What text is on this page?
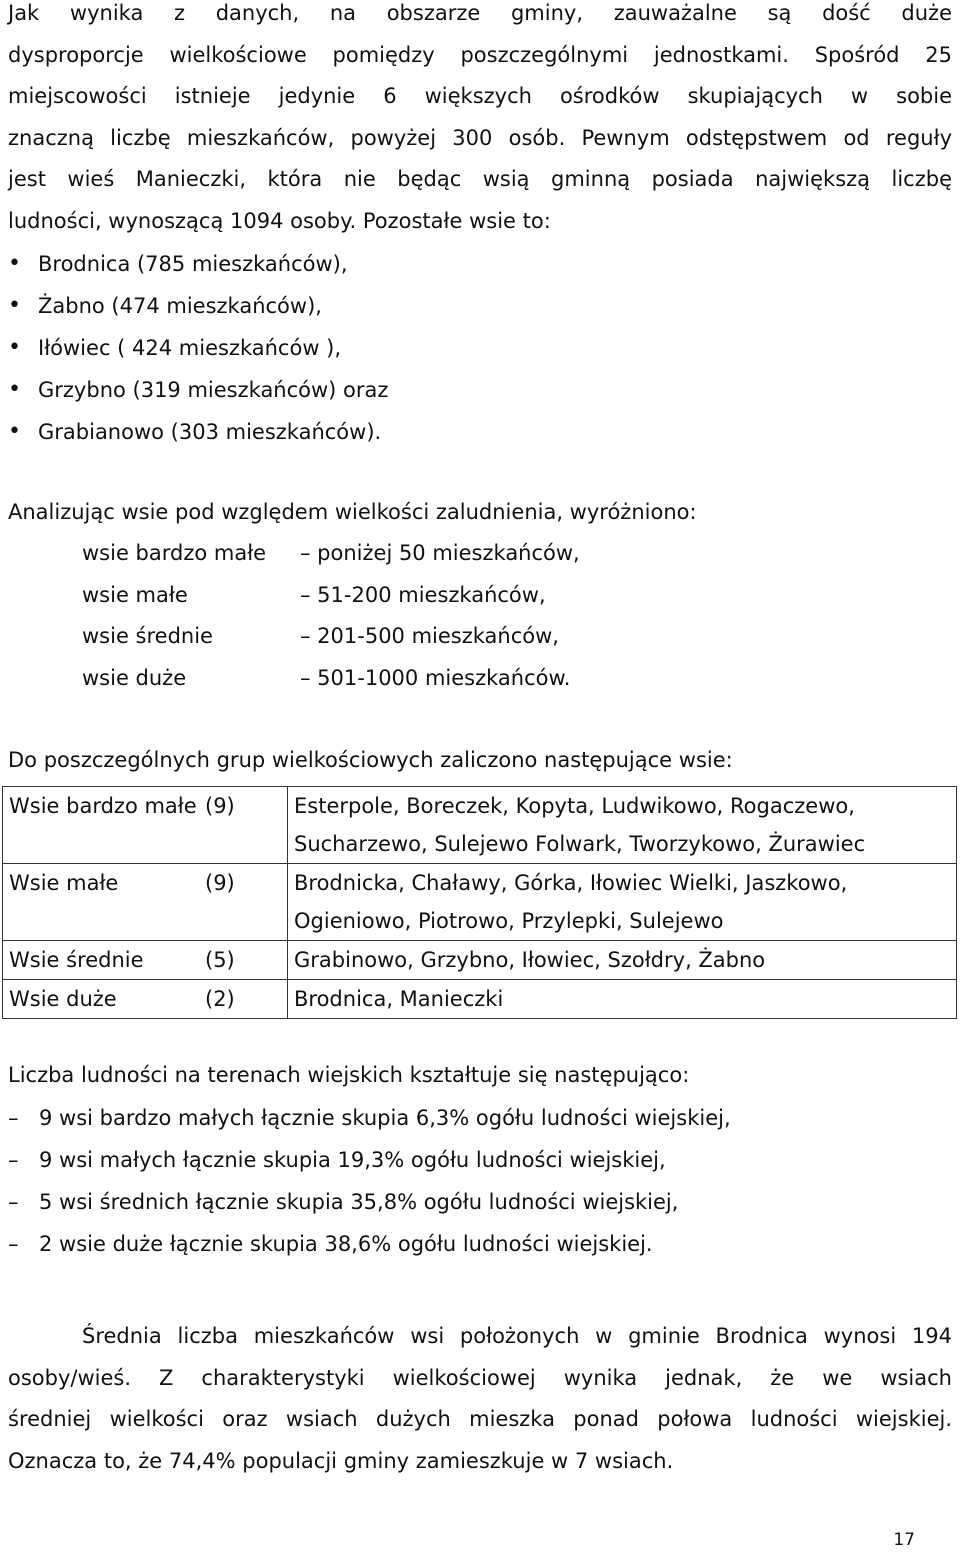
Jak wynika z danych, na obszarze gminy, zauważalne są dość duże
dysproporcje wielkościowe pomiędzy poszczególnymi jednostkami. Spośród 25
miejscowości istnieje jedynie 6 większych ośrodków skupiających w sobie
znaczną liczbę mieszkańców, powyżej 300 osób. Pewnym odstępstwem od reguły
jest wieś Manieczki, która nie będąc wsią gminną posiada największą liczbę
ludności, wynoszącą 1094 osoby. Pozostałe wsie to:

• Brodnica (785 mieszkańców),
• Żabno (474 mieszkańców),
• Iłówiec ( 424 mieszkańców ),
• Grzybno (319 mieszkańców) oraz
• Grabianowo (303 mieszkańców).

Analizując wsie pod względem wielkości zaludnienia, wyróżniono:

wsie bardzo małe – poniżej 50 mieszkańców,
wsie małe	– 51-200 mieszkańców,
wsie średnie	– 201-500 mieszkańców,
wsie duże	– 501-1000 mieszkańców.

Do poszczególnych grup wielkościowych zaliczono następujące wsie:

Wsie bardzo małe (9)	Esterpole, Boreczek, Kopyta, Ludwikowo, Rogaczewo,
Sucharzewo, Sulejewo Folwark, Tworzykowo, Żurawiec

Wsie małe (9)	Brodnicka, Chaławy, Górka, Iłowiec Wielki, Jaszkowo,
Ogieniowo, Piotrowo, Przylepki, Sulejewo

Wsie średnie (5)	Grabinowo, Grzybno, Iłowiec, Szołdry, Żabno

Wsie duże (2)	Brodnica, Manieczki

Liczba ludności na terenach wiejskich kształtuje się następująco:

– 9 wsi bardzo małych łącznie skupia 6,3% ogółu ludności wiejskiej,
– 9 wsi małych łącznie skupia 19,3% ogółu ludności wiejskiej,
– 5 wsi średnich łącznie skupia 35,8% ogółu ludności wiejskiej,
– 2 wsie duże łącznie skupia 38,6% ogółu ludności wiejskiej.

Średnia liczba mieszkańców wsi położonych w gminie Brodnica wynosi 194
osoby/wieś. Z charakterystyki wielkościowej wynika jednak, że we wsiach
średniej wielkości oraz wsiach dużych mieszka ponad połowa ludności wiejskiej.
Oznacza to, że 74,4% populacji gminy zamieszkuje w 7 wsiach.

17
